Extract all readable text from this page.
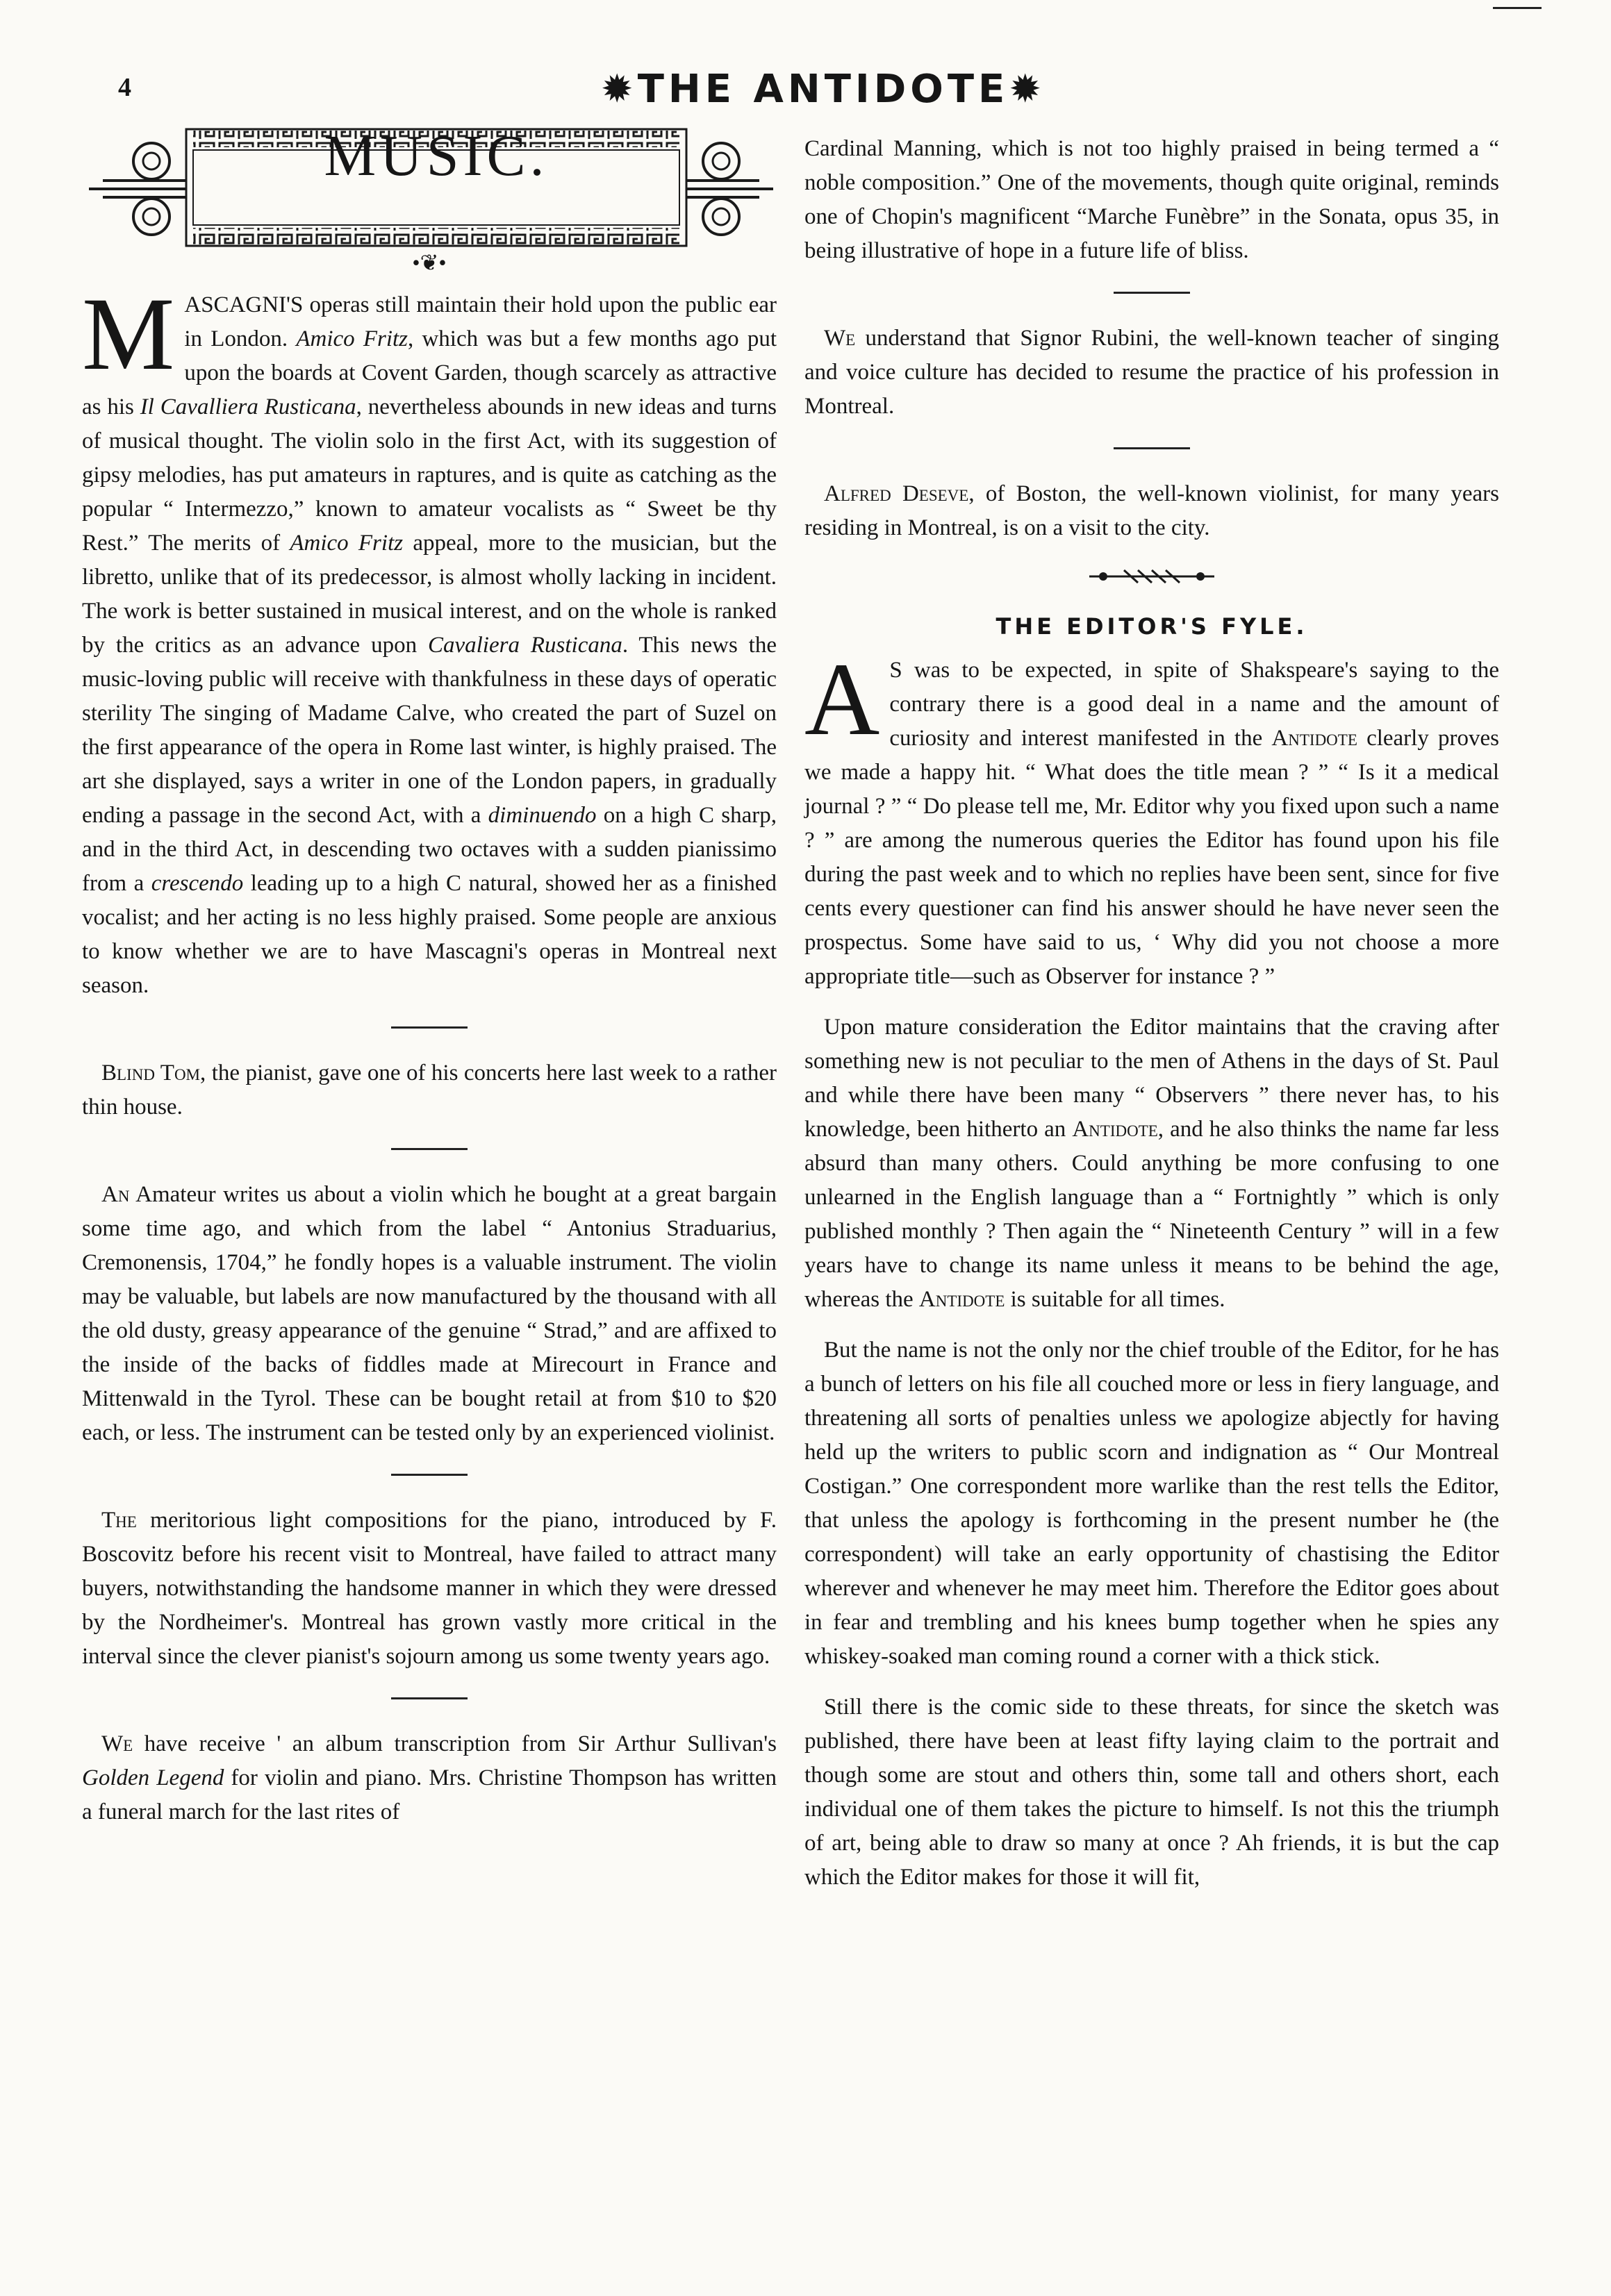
4	✹THE ANTIDOTE✹
MUSIC.
•❦•

MASCAGNI'S operas still maintain their hold upon the public ear in London. Amico Fritz, which was but a few months ago put upon the boards at Covent Garden, though scarcely as attractive as his Il Cavalliera Rusticana, nevertheless abounds in new ideas and turns of musical thought. The violin solo in the first Act, with its suggestion of gipsy melodies, has put amateurs in raptures, and is quite as catching as the popular “ Intermezzo,” known to amateur vocalists as “ Sweet be thy Rest.” The merits of Amico Fritz appeal, more to the musician, but the libretto, unlike that of its predecessor, is almost wholly lacking in incident. The work is better sustained in musical interest, and on the whole is ranked by the critics as an advance upon Cavaliera Rusticana. This news the music-loving public will receive with thankfulness in these days of operatic sterility The singing of Madame Calve, who created the part of Suzel on the first appearance of the opera in Rome last winter, is highly praised. The art she displayed, says a writer in one of the London papers, in gradually ending a passage in the second Act, with a diminuendo on a high C sharp, and in the third Act, in descending two octaves with a sudden pianissimo from a crescendo leading up to a high C natural, showed her as a finished vocalist; and her acting is no less highly praised. Some people are anxious to know whether we are to have Mascagni's operas in Montreal next season.

Blind Tom, the pianist, gave one of his concerts here last week to a rather thin house.

An Amateur writes us about a violin which he bought at a great bargain some time ago, and which from the label “ Antonius Straduarius, Cremonensis, 1704,” he fondly hopes is a valuable instrument. The violin may be valuable, but labels are now manufactured by the thousand with all the old dusty, greasy appearance of the genuine “ Strad,” and are affixed to the inside of the backs of fiddles made at Mirecourt in France and Mittenwald in the Tyrol. These can be bought retail at from $10 to $20 each, or less. The instrument can be tested only by an experienced violinist.

The meritorious light compositions for the piano, introduced by F. Boscovitz before his recent visit to Montreal, have failed to attract many buyers, notwithstanding the handsome manner in which they were dressed by the Nordheimer's. Montreal has grown vastly more critical in the interval since the clever pianist's sojourn among us some twenty years ago.

We have receive ' an album transcription from Sir Arthur Sullivan's Golden Legend for violin and piano. Mrs. Christine Thompson has written a funeral march for the last rites of

Cardinal Manning, which is not too highly praised in being termed a “ noble composition.” One of the movements, though quite original, reminds one of Chopin's magnificent “Marche Funèbre” in the Sonata, opus 35, in being illustrative of hope in a future life of bliss.

We understand that Signor Rubini, the well-known teacher of singing and voice culture has decided to resume the practice of his profession in Montreal.

Alfred Deseve, of Boston, the well-known violinist, for many years residing in Montreal, is on a visit to the city.

THE EDITOR'S FYLE.

A S was to be expected, in spite of Shakspeare's saying to the contrary there is a good deal in a name and the amount of curiosity and interest manifested in the Antidote clearly proves we made a happy hit. “ What does the title mean ? ” “ Is it a medical journal ? ” “ Do please tell me, Mr. Editor why you fixed upon such a name ? ” are among the numerous queries the Editor has found upon his file during the past week and to which no replies have been sent, since for five cents every questioner can find his answer should he have never seen the prospectus. Some have said to us, ‘ Why did you not choose a more appropriate title—such as Observer for instance ? ”

Upon mature consideration the Editor maintains that the craving after something new is not peculiar to the men of Athens in the days of St. Paul and while there have been many “ Observers ” there never has, to his knowledge, been hitherto an Antidote, and he also thinks the name far less absurd than many others. Could anything be more confusing to one unlearned in the English language than a “ Fortnightly ” which is only published monthly ? Then again the “ Nineteenth Century ” will in a few years have to change its name unless it means to be behind the age, whereas the Antidote is suitable for all times.

But the name is not the only nor the chief trouble of the Editor, for he has a bunch of letters on his file all couched more or less in fiery language, and threatening all sorts of penalties unless we apologize abjectly for having held up the writers to public scorn and indignation as “ Our Montreal Costigan.” One correspondent more warlike than the rest tells the Editor, that unless the apology is forthcoming in the present number he (the correspondent) will take an early opportunity of chastising the Editor wherever and whenever he may meet him. Therefore the Editor goes about in fear and trembling and his knees bump together when he spies any whiskey-soaked man coming round a corner with a thick stick.

Still there is the comic side to these threats, for since the sketch was published, there have been at least fifty laying claim to the portrait and though some are stout and others thin, some tall and others short, each individual one of them takes the picture to himself. Is not this the triumph of art, being able to draw so many at once ? Ah friends, it is but the cap which the Editor makes for those it will fit,
